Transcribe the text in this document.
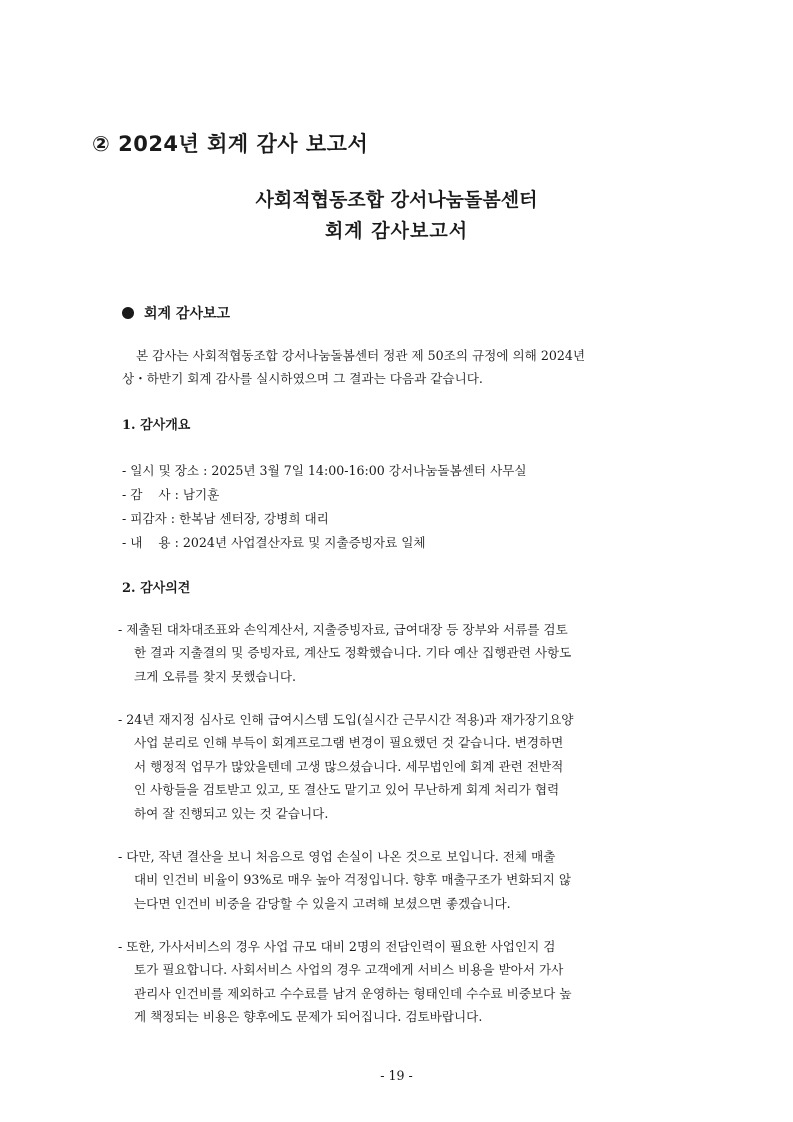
② 2024년 회계 감사 보고서
사회적협동조합 강서나눔돌봄센터
회계 감사보고서
회계 감사보고

본 감사는 사회적협동조합 강서나눔돌봄센터 정관 제 50조의 규정에 의해 2024년
상・하반기 회계 감사를 실시하였으며 그 결과는 다음과 같습니다.

1. 감사개요
- 일시 및 장소 : 2025년 3월 7일 14:00-16:00 강서나눔돌봄센터 사무실
- 감    사 : 남기훈
- 피감자 : 한복남 센터장, 강병희 대리
- 내    용 : 2024년 사업결산자료 및 지출증빙자료 일체
2. 감사의견
- 제출된 대차대조표와 손익계산서, 지출증빙자료, 급여대장 등 장부와 서류를 검토
한 결과 지출결의 및 증빙자료, 계산도 정확했습니다. 기타 예산 집행관련 사항도
크게 오류를 찾지 못했습니다.
- 24년 재지정 심사로 인해 급여시스템 도입(실시간 근무시간 적용)과 재가장기요양
사업 분리로 인해 부득이 회계프로그램 변경이 필요했던 것 같습니다. 변경하면
서 행정적 업무가 많았을텐데 고생 많으셨습니다. 세무법인에 회계 관련 전반적
인 사항들을 검토받고 있고, 또 결산도 맡기고 있어 무난하게 회계 처리가 협력
하여 잘 진행되고 있는 것 같습니다.
- 다만, 작년 결산을 보니 처음으로 영업 손실이 나온 것으로 보입니다. 전체 매출
대비 인건비 비율이 93%로 매우 높아 걱정입니다. 향후 매출구조가 변화되지 않
는다면 인건비 비중을 감당할 수 있을지 고려해 보셨으면 좋겠습니다.
- 또한, 가사서비스의 경우 사업 규모 대비 2명의 전담인력이 필요한 사업인지 검
토가 필요합니다. 사회서비스 사업의 경우 고객에게 서비스 비용을 받아서 가사
관리사 인건비를 제외하고 수수료를 남겨 운영하는 형태인데 수수료 비중보다 높
게 책정되는 비용은 향후에도 문제가 되어집니다. 검토바랍니다.
- 19 -
